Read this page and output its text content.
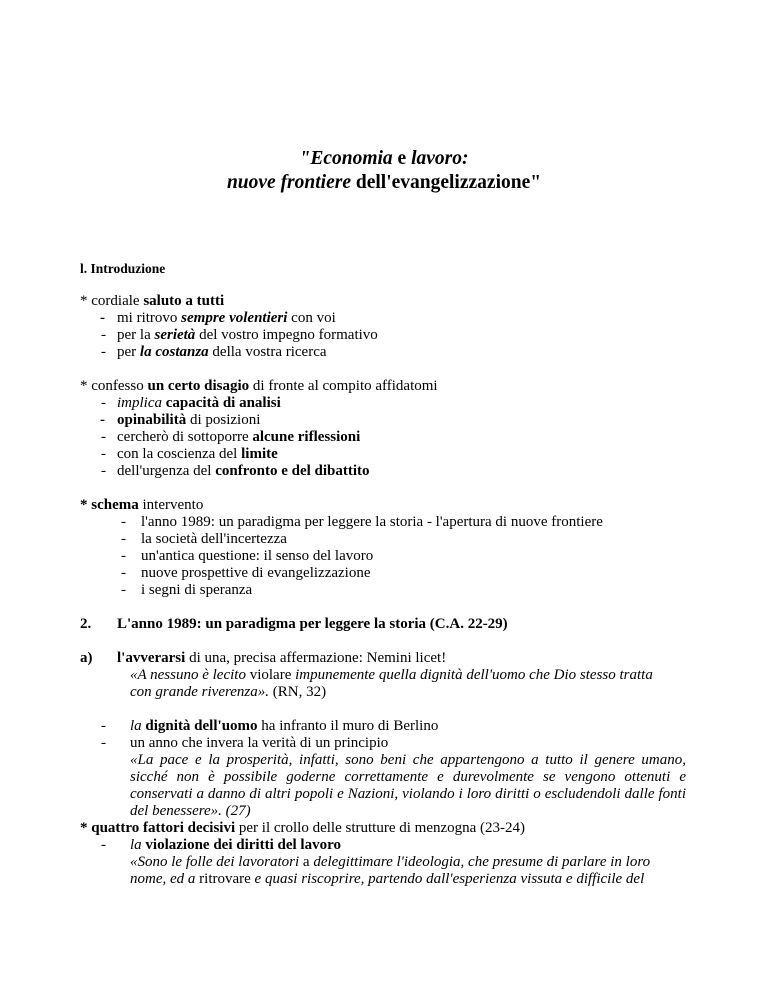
"Economia e lavoro:
nuove frontiere dell'evangelizzazione"
l. Introduzione
* cordiale saluto a tutti
- mi ritrovo sempre volentieri con voi
- per la serietà del vostro impegno formativo
- per la costanza della vostra ricerca
* confesso un certo disagio di fronte al compito affidatomi
- implica capacità di analisi
- opinabilità di posizioni
- cercherò di sottoporre alcune riflessioni
- con la coscienza del limite
- dell'urgenza del confronto e del dibattito
* schema intervento
- l'anno 1989: un paradigma per leggere la storia - l'apertura di nuove frontiere
- la società dell'incertezza
- un'antica questione: il senso del lavoro
- nuove prospettive di evangelizzazione
- i segni di speranza
2. L'anno 1989: un paradigma per leggere la storia (C.A. 22-29)
a) l'avverarsi di una, precisa affermazione: Nemini licet!
«A nessuno è lecito violare impunemente quella dignità dell'uomo che Dio stesso tratta
con grande riverenza». (RN, 32)
- la dignità dell'uomo ha infranto il muro di Berlino
- un anno che invera la verità di un principio
«La pace e la prosperità, infatti, sono beni che appartengono a tutto il genere umano, sicché non è possibile goderne correttamente e durevolmente se vengono ottenuti e conservati a danno di altri popoli e Nazioni, violando i loro diritti o escludendoli dalle fonti del benessere». (27)
* quattro fattori decisivi per il crollo delle strutture di menzogna (23-24)
- la violazione dei diritti del lavoro
«Sono le folle dei lavoratori a delegittimare l'ideologia, che presume di parlare in loro
nome, ed a ritrovare e quasi riscoprire, partendo dall'esperienza vissuta e difficile del
